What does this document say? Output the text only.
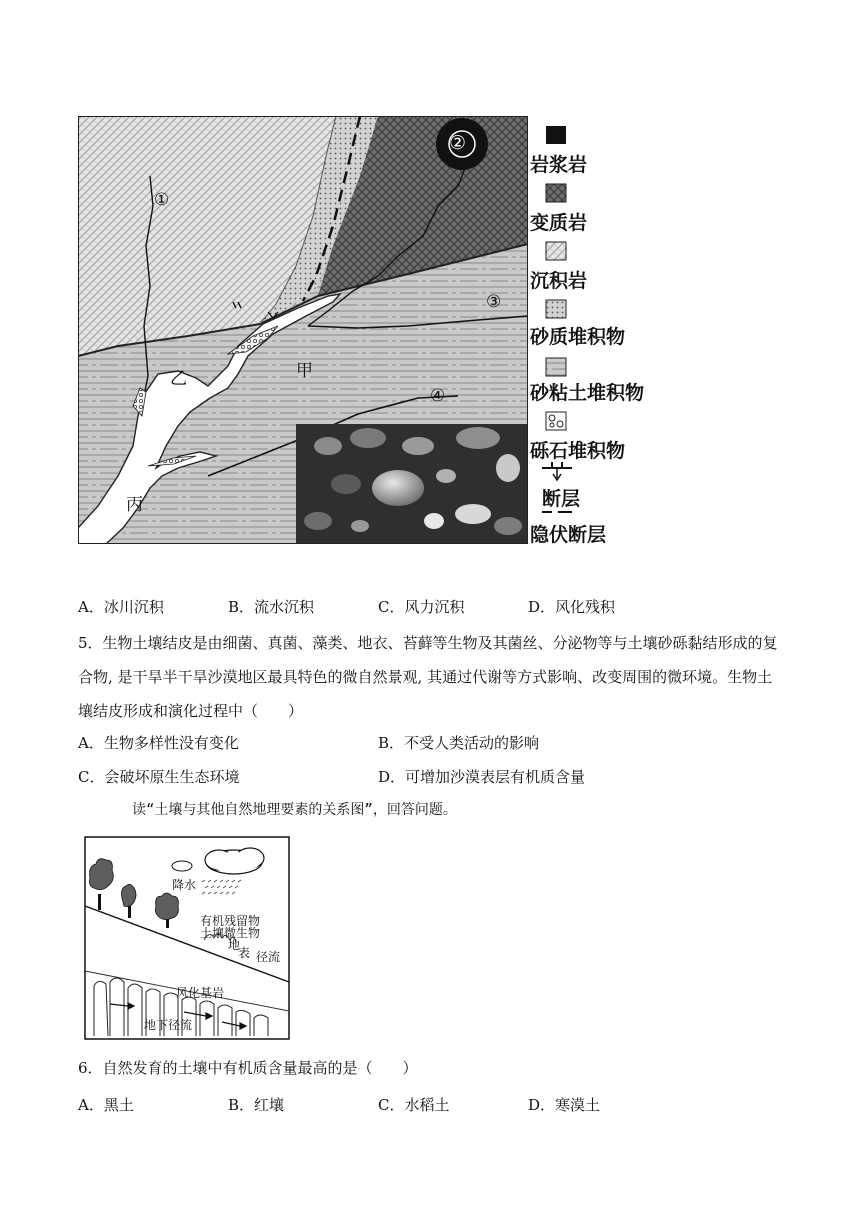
①
②
③
④
甲
乙
丙
岩浆岩
变质岩
沉积岩
砂质堆积物
砂粘土堆积物
砾石堆积物
断层
隐伏断层
A．冰川沉积	B．流水沉积	C．风力沉积	D．风化残积
5．生物土壤结皮是由细菌、真菌、藻类、地衣、苔藓等生物及其菌丝、分泌物等与土壤砂砾黏结形成的复
合物, 是干旱半干旱沙漠地区最具特色的微自然景观, 其通过代谢等方式影响、改变周围的微环境。生物土
壤结皮形成和演化过程中（　　）
A．生物多样性没有变化	B．不受人类活动的影响
C．会破坏原生生态环境	D．可增加沙漠表层有机质含量
读“土壤与其他自然地理要素的关系图”，回答问题。
降水
有机残留物
土壤微生物
地
表 径流
风化基岩
地下径流
6．自然发育的土壤中有机质含量最高的是（　　）
A．黑土	B．红壤	C．水稻土	D．寒漠土
